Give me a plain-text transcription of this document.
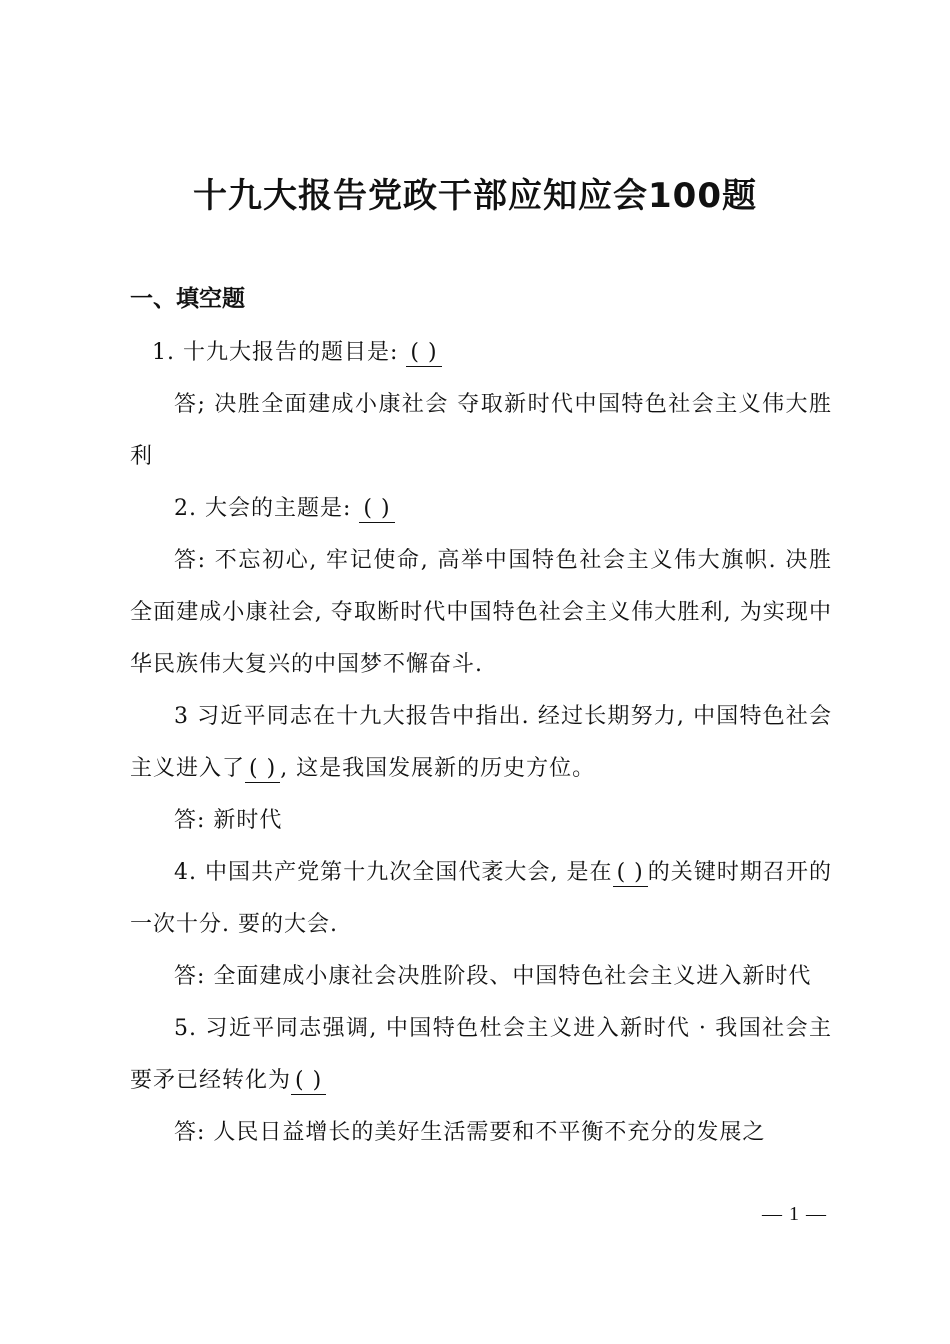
十九大报告党政干部应知应会100题
一、填空题

1. 十九大报告的题目是: ( )

答; 决胜全面建成小康社会 夺取新时代中国特色社会主义伟大胜利

2. 大会的主题是: ( )

答: 不忘初心, 牢记使命, 高举中国特色社会主义伟大旗帜. 决胜全面建成小康社会, 夺取断时代中国特色社会主义伟大胜利, 为实现中华民族伟大复兴的中国梦不懈奋斗.

3 习近平同志在十九大报告中指出. 经过长期努力, 中国特色社会主义进入了 ( ) , 这是我国发展新的历史方位。

答: 新时代

4. 中国共产党第十九次全国代袤大会, 是在 ( ) 的关键时期召开的一次十分. 要的大会.

答: 全面建成小康社会决胜阶段、中国特色社会主义进入新时代

5. 习近平同志强调, 中国特色杜会主义进入新时代 · 我国社会主要矛已经转化为 ( )

答: 人民日益增长的美好生活需要和不平衡不充分的发展之

— 1 —
